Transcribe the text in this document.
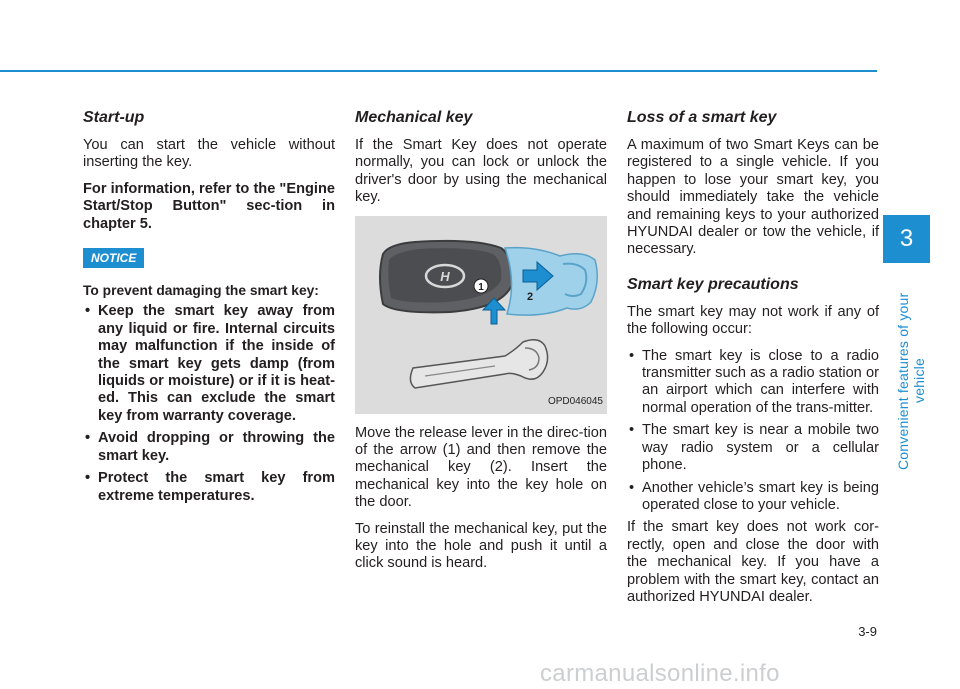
Start-up

You can start the vehicle without inserting the key.

For information, refer to the "Engine Start/Stop Button" sec-tion in chapter 5.

NOTICE

To prevent damaging the smart key:

• Keep the smart key away from any liquid or fire. Internal circuits may malfunction if the inside of the smart key gets damp (from liquids or moisture) or if it is heat-ed. This can exclude the smart key from warranty coverage.
• Avoid dropping or throwing the smart key.
• Protect the smart key from extreme temperatures.
Mechanical key

If the Smart Key does not operate normally, you can lock or unlock the driver's door by using the mechanical key.

H
1
2
OPD046045

Move the release lever in the direc-tion of the arrow (1) and then remove the mechanical key (2). Insert the mechanical key into the key hole on the door.

To reinstall the mechanical key, put the key into the hole and push it until a click sound is heard.

Loss of a smart key

A maximum of two Smart Keys can be registered to a single vehicle. If you happen to lose your smart key, you should immediately take the vehicle and remaining keys to your authorized HYUNDAI dealer or tow the vehicle, if necessary.

Smart key precautions

The smart key may not work if any of the following occur:

• The smart key is close to a radio transmitter such as a radio station or an airport which can interfere with normal operation of the trans-mitter.
• The smart key is near a mobile two way radio system or a cellular phone.
• Another vehicle’s smart key is being operated close to your vehicle.

If the smart key does not work cor-rectly, open and close the door with the mechanical key. If you have a problem with the smart key, contact an authorized HYUNDAI dealer.

3
Convenient features of your vehicle
3-9
carmanualsonline.info
